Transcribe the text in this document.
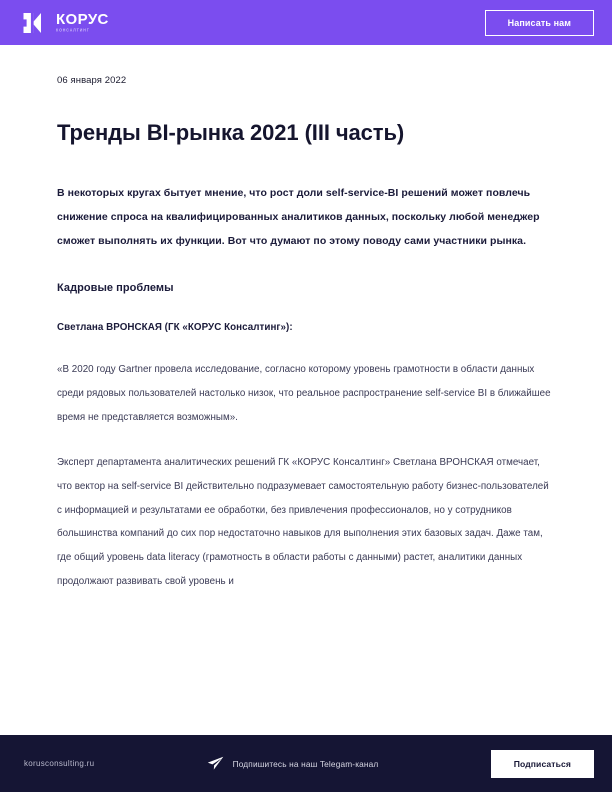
КОРУС
КОНСАЛТИНГ
Написать нам

06 января 2022

Тренды BI-рынка 2021 (III часть)

В некоторых кругах бытует мнение, что рост доли self-service-BI решений может повлечь снижение спроса на квалифицированных аналитиков данных, поскольку любой менеджер сможет выполнять их функции. Вот что думают по этому поводу сами участники рынка.

Кадровые проблемы

Светлана ВРОНСКАЯ (ГК «КОРУС Консалтинг»):

«В 2020 году Gartner провела исследование, согласно которому уровень грамотности в области данных среди рядовых пользователей настолько низок, что реальное распространение self-service BI в ближайшее время не представляется возможным».

Эксперт департамента аналитических решений ГК «КОРУС Консалтинг» Светлана ВРОНСКАЯ отмечает, что вектор на self-service BI действительно подразумевает самостоятельную работу бизнес-пользователей с информацией и результатами ее обработки, без привлечения профессионалов, но у сотрудников большинства компаний до сих пор недостаточно навыков для выполнения этих базовых задач. Даже там, где общий уровень data literacy (грамотность в области работы с данными) растет, аналитики данных продолжают развивать свой уровень и

korusconsulting.ru	Подпишитесь на наш Telegam-канал	Подписаться
